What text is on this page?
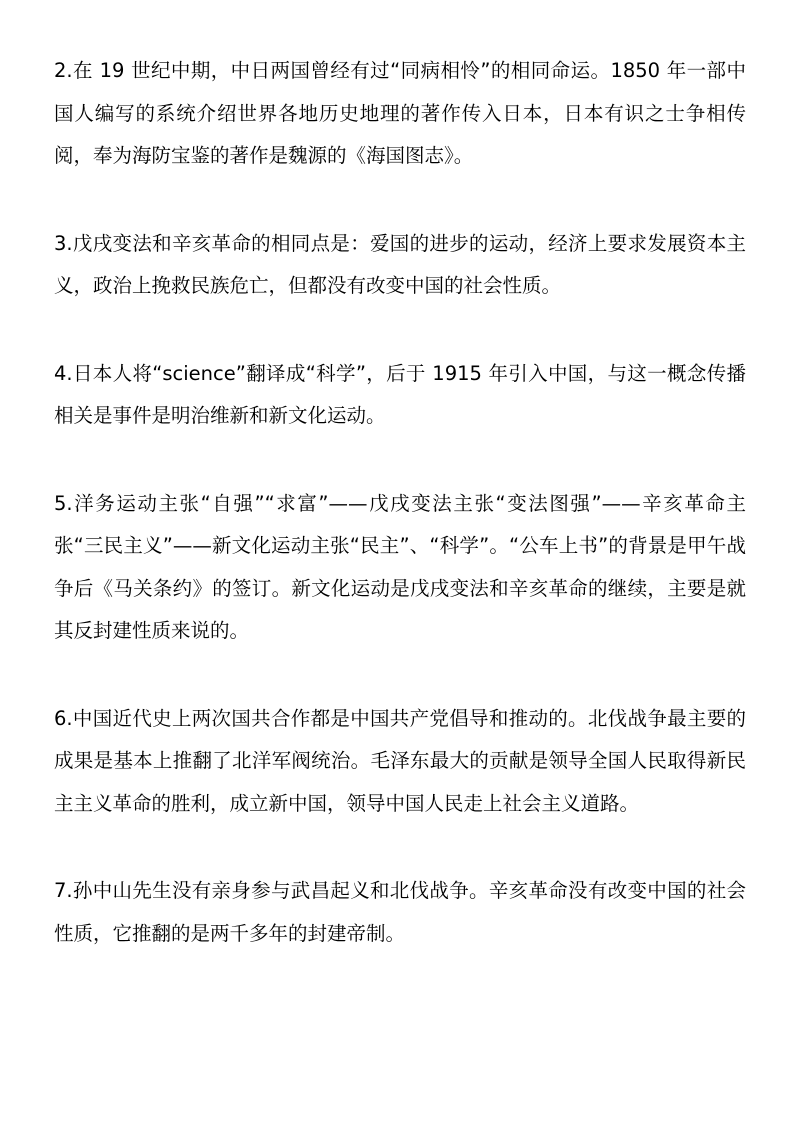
2.在 19 世纪中期，中日两国曾经有过“同病相怜”的相同命运。1850 年一部中国人编写的系统介绍世界各地历史地理的著作传入日本，日本有识之士争相传阅，奉为海防宝鉴的著作是魏源的《海国图志》。

3.戊戌变法和辛亥革命的相同点是：爱国的进步的运动，经济上要求发展资本主义，政治上挽救民族危亡，但都没有改变中国的社会性质。

4.日本人将“science”翻译成“科学”，后于 1915 年引入中国，与这一概念传播相关是事件是明治维新和新文化运动。

5.洋务运动主张“自强”“求富”——戊戌变法主张“变法图强”——辛亥革命主张“三民主义”——新文化运动主张“民主”、“科学”。“公车上书”的背景是甲午战争后《马关条约》的签订。新文化运动是戊戌变法和辛亥革命的继续，主要是就其反封建性质来说的。

6.中国近代史上两次国共合作都是中国共产党倡导和推动的。北伐战争最主要的成果是基本上推翻了北洋军阀统治。毛泽东最大的贡献是领导全国人民取得新民主主义革命的胜利，成立新中国，领导中国人民走上社会主义道路。

7.孙中山先生没有亲身参与武昌起义和北伐战争。辛亥革命没有改变中国的社会性质，它推翻的是两千多年的封建帝制。
